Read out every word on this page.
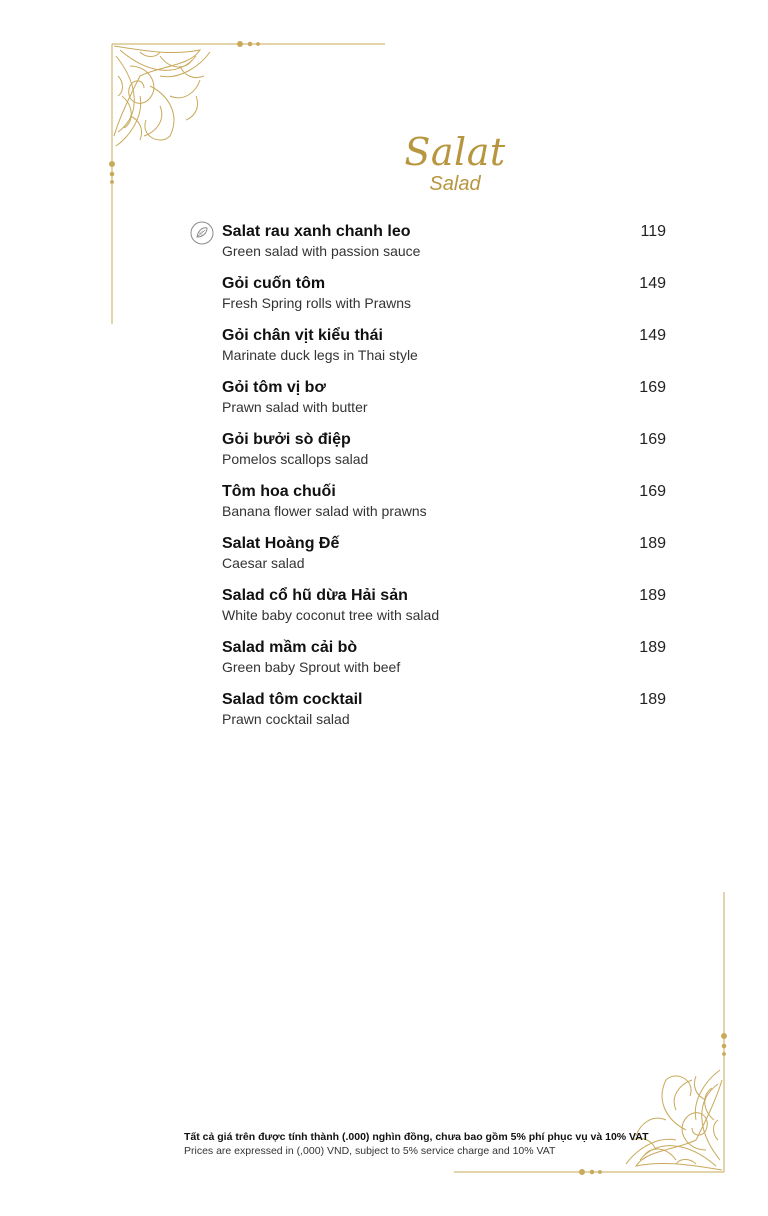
Salat
Salad
Salat rau xanh chanh leo
Green salad with passion sauce
119
Gỏi cuốn tôm
Fresh Spring rolls with Prawns
149
Gỏi chân vịt kiểu thái
Marinate duck legs in Thai style
149
Gỏi tôm vị bơ
Prawn salad with butter
169
Gỏi bưởi sò điệp
Pomelos scallops salad
169
Tôm hoa chuối
Banana flower salad with prawns
169
Salat Hoàng Đế
Caesar salad
189
Salad cổ hũ dừa Hải sản
White baby coconut tree with salad
189
Salad mầm cải bò
Green baby Sprout with beef
189
Salad tôm cocktail
Prawn cocktail salad
189
Tất cả giá trên được tính thành (.000) nghìn đồng, chưa bao gồm 5% phí phục vụ và 10% VAT
Prices are expressed in (,000) VND, subject to 5% service charge and 10% VAT
